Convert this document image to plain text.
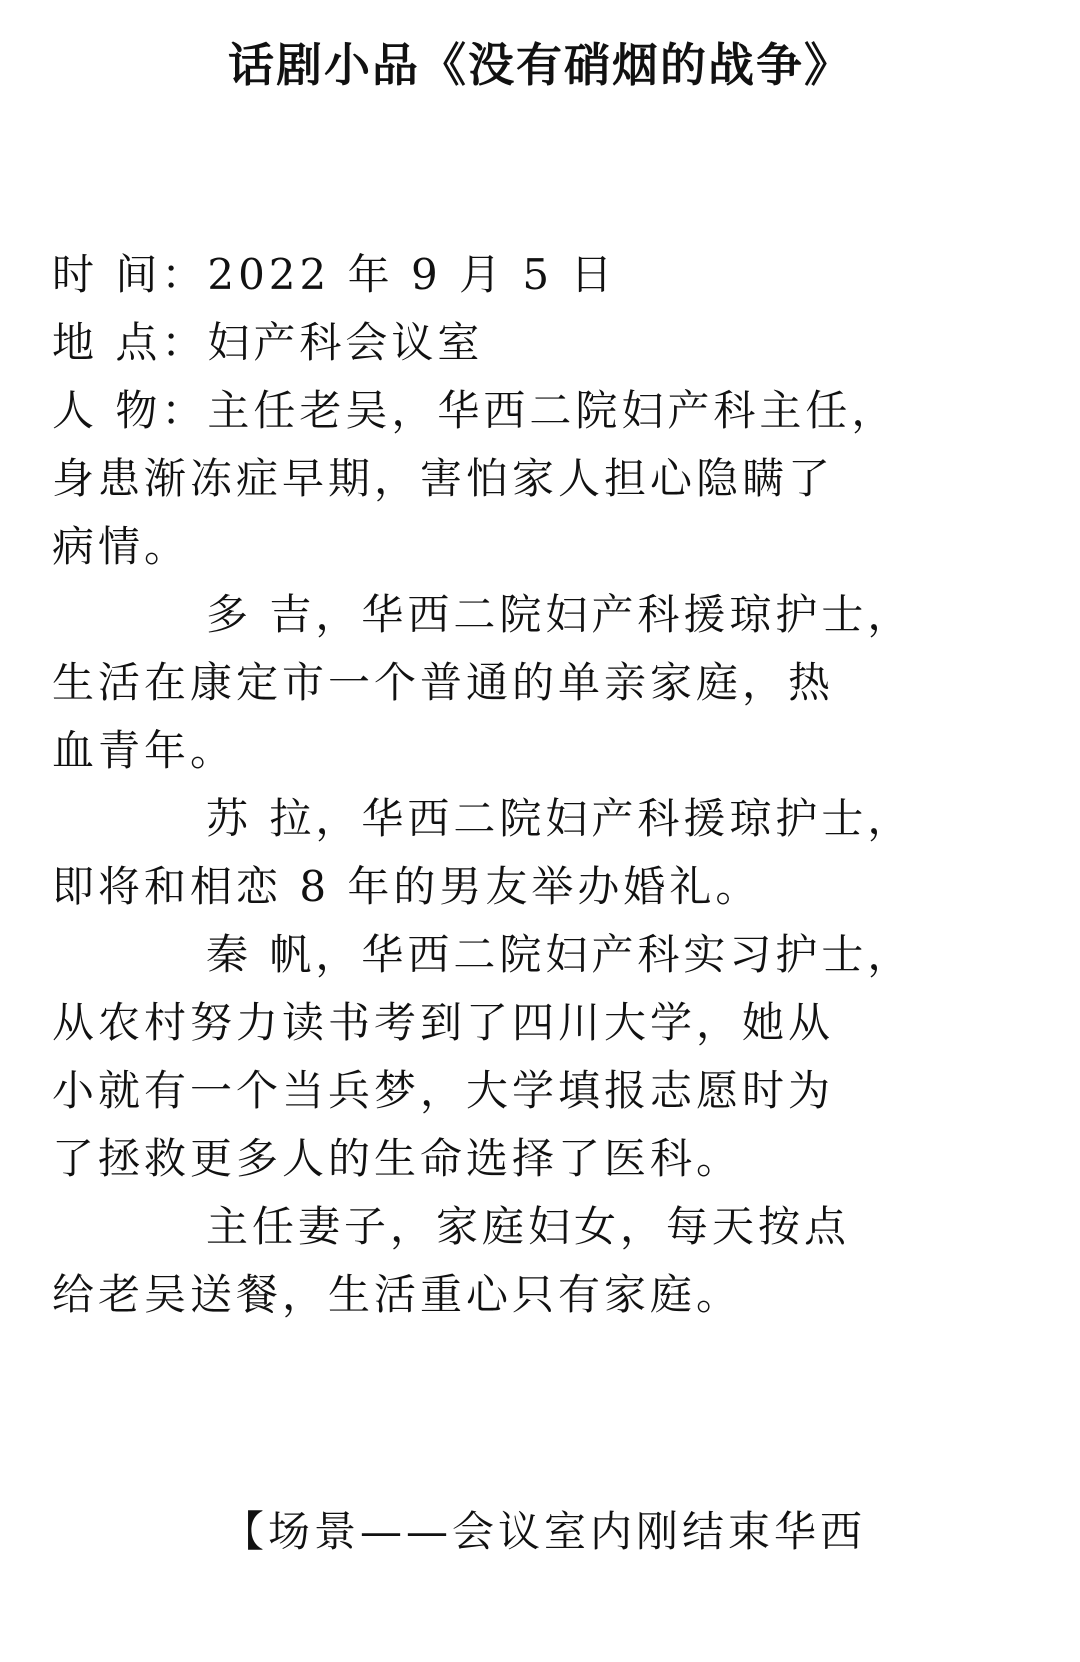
话剧小品《没有硝烟的战争》
时 间：2022 年 9 月 5 日
地 点：妇产科会议室
人 物：主任老吴，华西二院妇产科主任，
身患渐冻症早期，害怕家人担心隐瞒了
病情。
多 吉，华西二院妇产科援琼护士，
生活在康定市一个普通的单亲家庭，热
血青年。
苏 拉，华西二院妇产科援琼护士，
即将和相恋 8 年的男友举办婚礼。
秦 帆，华西二院妇产科实习护士，
从农村努力读书考到了四川大学，她从
小就有一个当兵梦，大学填报志愿时为
了拯救更多人的生命选择了医科。
主任妻子，家庭妇女，每天按点
给老吴送餐，生活重心只有家庭。
【场景——会议室内刚结束华西
